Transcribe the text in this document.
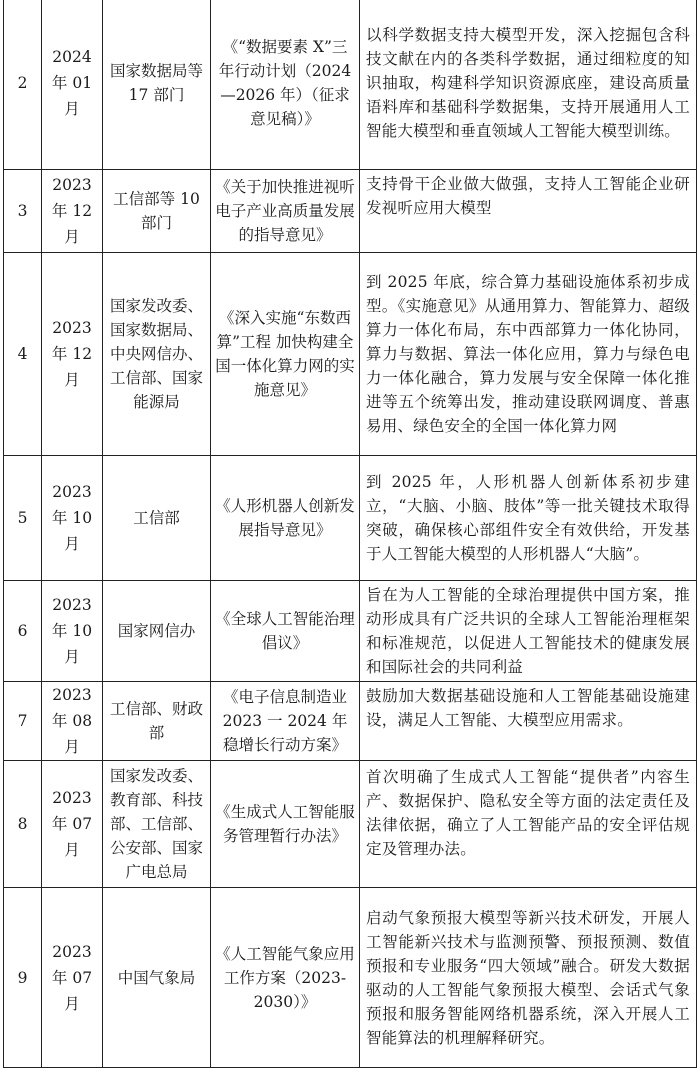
2	2024
年 01
月	国家数据局等 17 部门	《“数据要素 X”三年行动计划（2024—2026 年）（征求意见稿）》	以科学数据支持大模型开发，深入挖掘包含科技文献在内的各类科学数据，通过细粒度的知识抽取，构建科学知识资源底座，建设高质量语料库和基础科学数据集，支持开展通用人工智能大模型和垂直领域人工智能大模型训练。

3	2023
年 12
月	工信部等 10 部门	《关于加快推进视听电子产业高质量发展的指导意见》	支持骨干企业做大做强，支持人工智能企业研发视听应用大模型

4	2023
年 12
月	国家发改委、国家数据局、中央网信办、工信部、国家能源局	《深入实施“东数西算”工程 加快构建全国一体化算力网的实施意见》	到 2025 年底，综合算力基础设施体系初步成型。《实施意见》从通用算力、智能算力、超级算力一体化布局，东中西部算力一体化协同，算力与数据、算法一体化应用，算力与绿色电力一体化融合，算力发展与安全保障一体化推进等五个统筹出发，推动建设联网调度、普惠易用、绿色安全的全国一体化算力网

5	2023
年 10
月	工信部	《人形机器人创新发展指导意见》	到 2025 年，人形机器人创新体系初步建立，“大脑、小脑、肢体”等一批关键技术取得突破，确保核心部组件安全有效供给，开发基于人工智能大模型的人形机器人“大脑”。

6	2023
年 10
月	国家网信办	《全球人工智能治理倡议》	旨在为人工智能的全球治理提供中国方案，推动形成具有广泛共识的全球人工智能治理框架和标准规范，以促进人工智能技术的健康发展和国际社会的共同利益

7	2023
年 08
月	工信部、财政部	《电子信息制造业 2023 一 2024 年稳增长行动方案》	鼓励加大数据基础设施和人工智能基础设施建设，满足人工智能、大模型应用需求。

8	2023
年 07
月	国家发改委、教育部、科技部、工信部、公安部、国家广电总局	《生成式人工智能服务管理暂行办法》	首次明确了生成式人工智能“提供者”内容生产、数据保护、隐私安全等方面的法定责任及法律依据，确立了人工智能产品的安全评估规定及管理办法。

9	2023
年 07
月	中国气象局	《人工智能气象应用工作方案（2023-2030）》	启动气象预报大模型等新兴技术研发，开展人工智能新兴技术与监测预警、预报预测、数值预报和专业服务“四大领域”融合。研发大数据驱动的人工智能气象预报大模型、会话式气象预报和服务智能网络机器系统，深入开展人工智能算法的机理解释研究。
